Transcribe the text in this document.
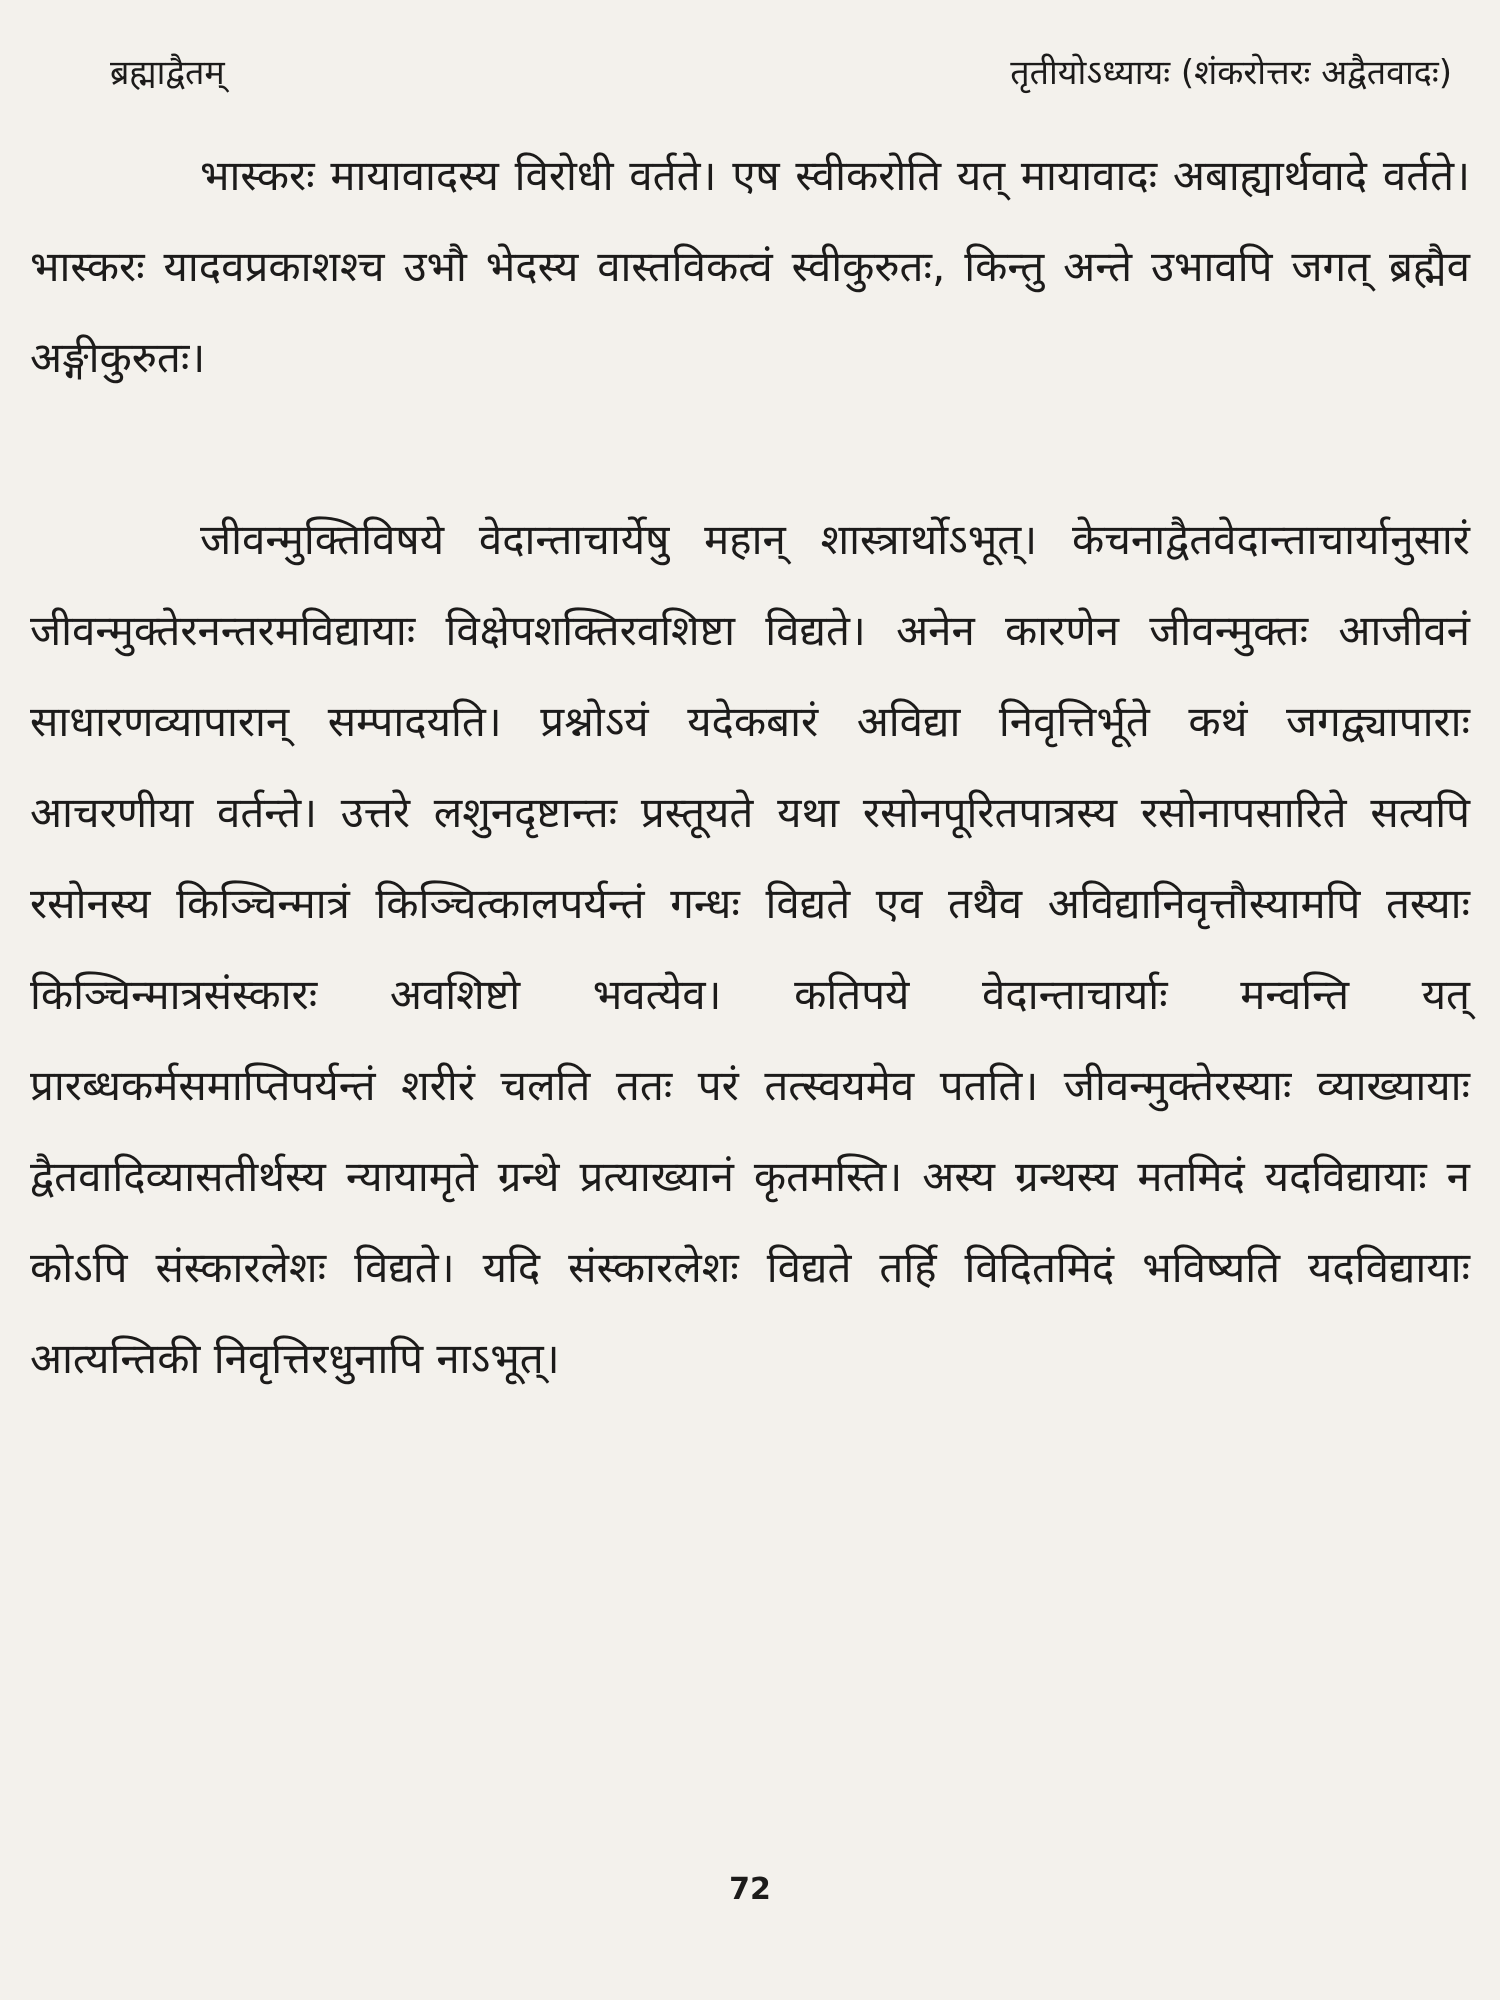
ब्रह्माद्वैतम्	तृतीयोऽध्यायः (शंकरोत्तरः अद्वैतवादः)

भास्करः मायावादस्य विरोधी वर्तते। एष स्वीकरोति यत् मायावादः अबाह्यार्थवादे वर्तते। भास्करः यादवप्रकाशश्च उभौ भेदस्य वास्तविकत्वं स्वीकुरुतः, किन्तु अन्ते उभावपि जगत् ब्रह्मैव अङ्गीकुरुतः।

जीवन्मुक्तिविषये वेदान्ताचार्येषु महान् शास्त्रार्थोऽभूत्। केचनाद्वैतवेदान्ताचार्यानुसारं जीवन्मुक्तेरनन्तरमविद्यायाः विक्षेपशक्तिरवशिष्टा विद्यते। अनेन कारणेन जीवन्मुक्तः आजीवनं साधारणव्यापारान् सम्पादयति। प्रश्नोऽयं यदेकबारं अविद्या निवृत्तिर्भूते कथं जगद्व्यापाराः आचरणीया वर्तन्ते। उत्तरे लशुनदृष्टान्तः प्रस्तूयते यथा रसोनपूरितपात्रस्य रसोनापसारिते सत्यपि रसोनस्य किञ्चिन्मात्रं किञ्चित्कालपर्यन्तं गन्धः विद्यते एव तथैव अविद्यानिवृत्तौस्यामपि तस्याः किञ्चिन्मात्रसंस्कारः अवशिष्टो भवत्येव। कतिपये वेदान्ताचार्याः मन्वन्ति यत् प्रारब्धकर्मसमाप्तिपर्यन्तं शरीरं चलति ततः परं तत्स्वयमेव पतति। जीवन्मुक्तेरस्याः व्याख्यायाः द्वैतवादिव्यासतीर्थस्य न्यायामृते ग्रन्थे प्रत्याख्यानं कृतमस्ति। अस्य ग्रन्थस्य मतमिदं यदविद्यायाः न कोऽपि संस्कारलेशः विद्यते। यदि संस्कारलेशः विद्यते तर्हि विदितमिदं भविष्यति यदविद्यायाः आत्यन्तिकी निवृत्तिरधुनापि नाऽभूत्।

72
